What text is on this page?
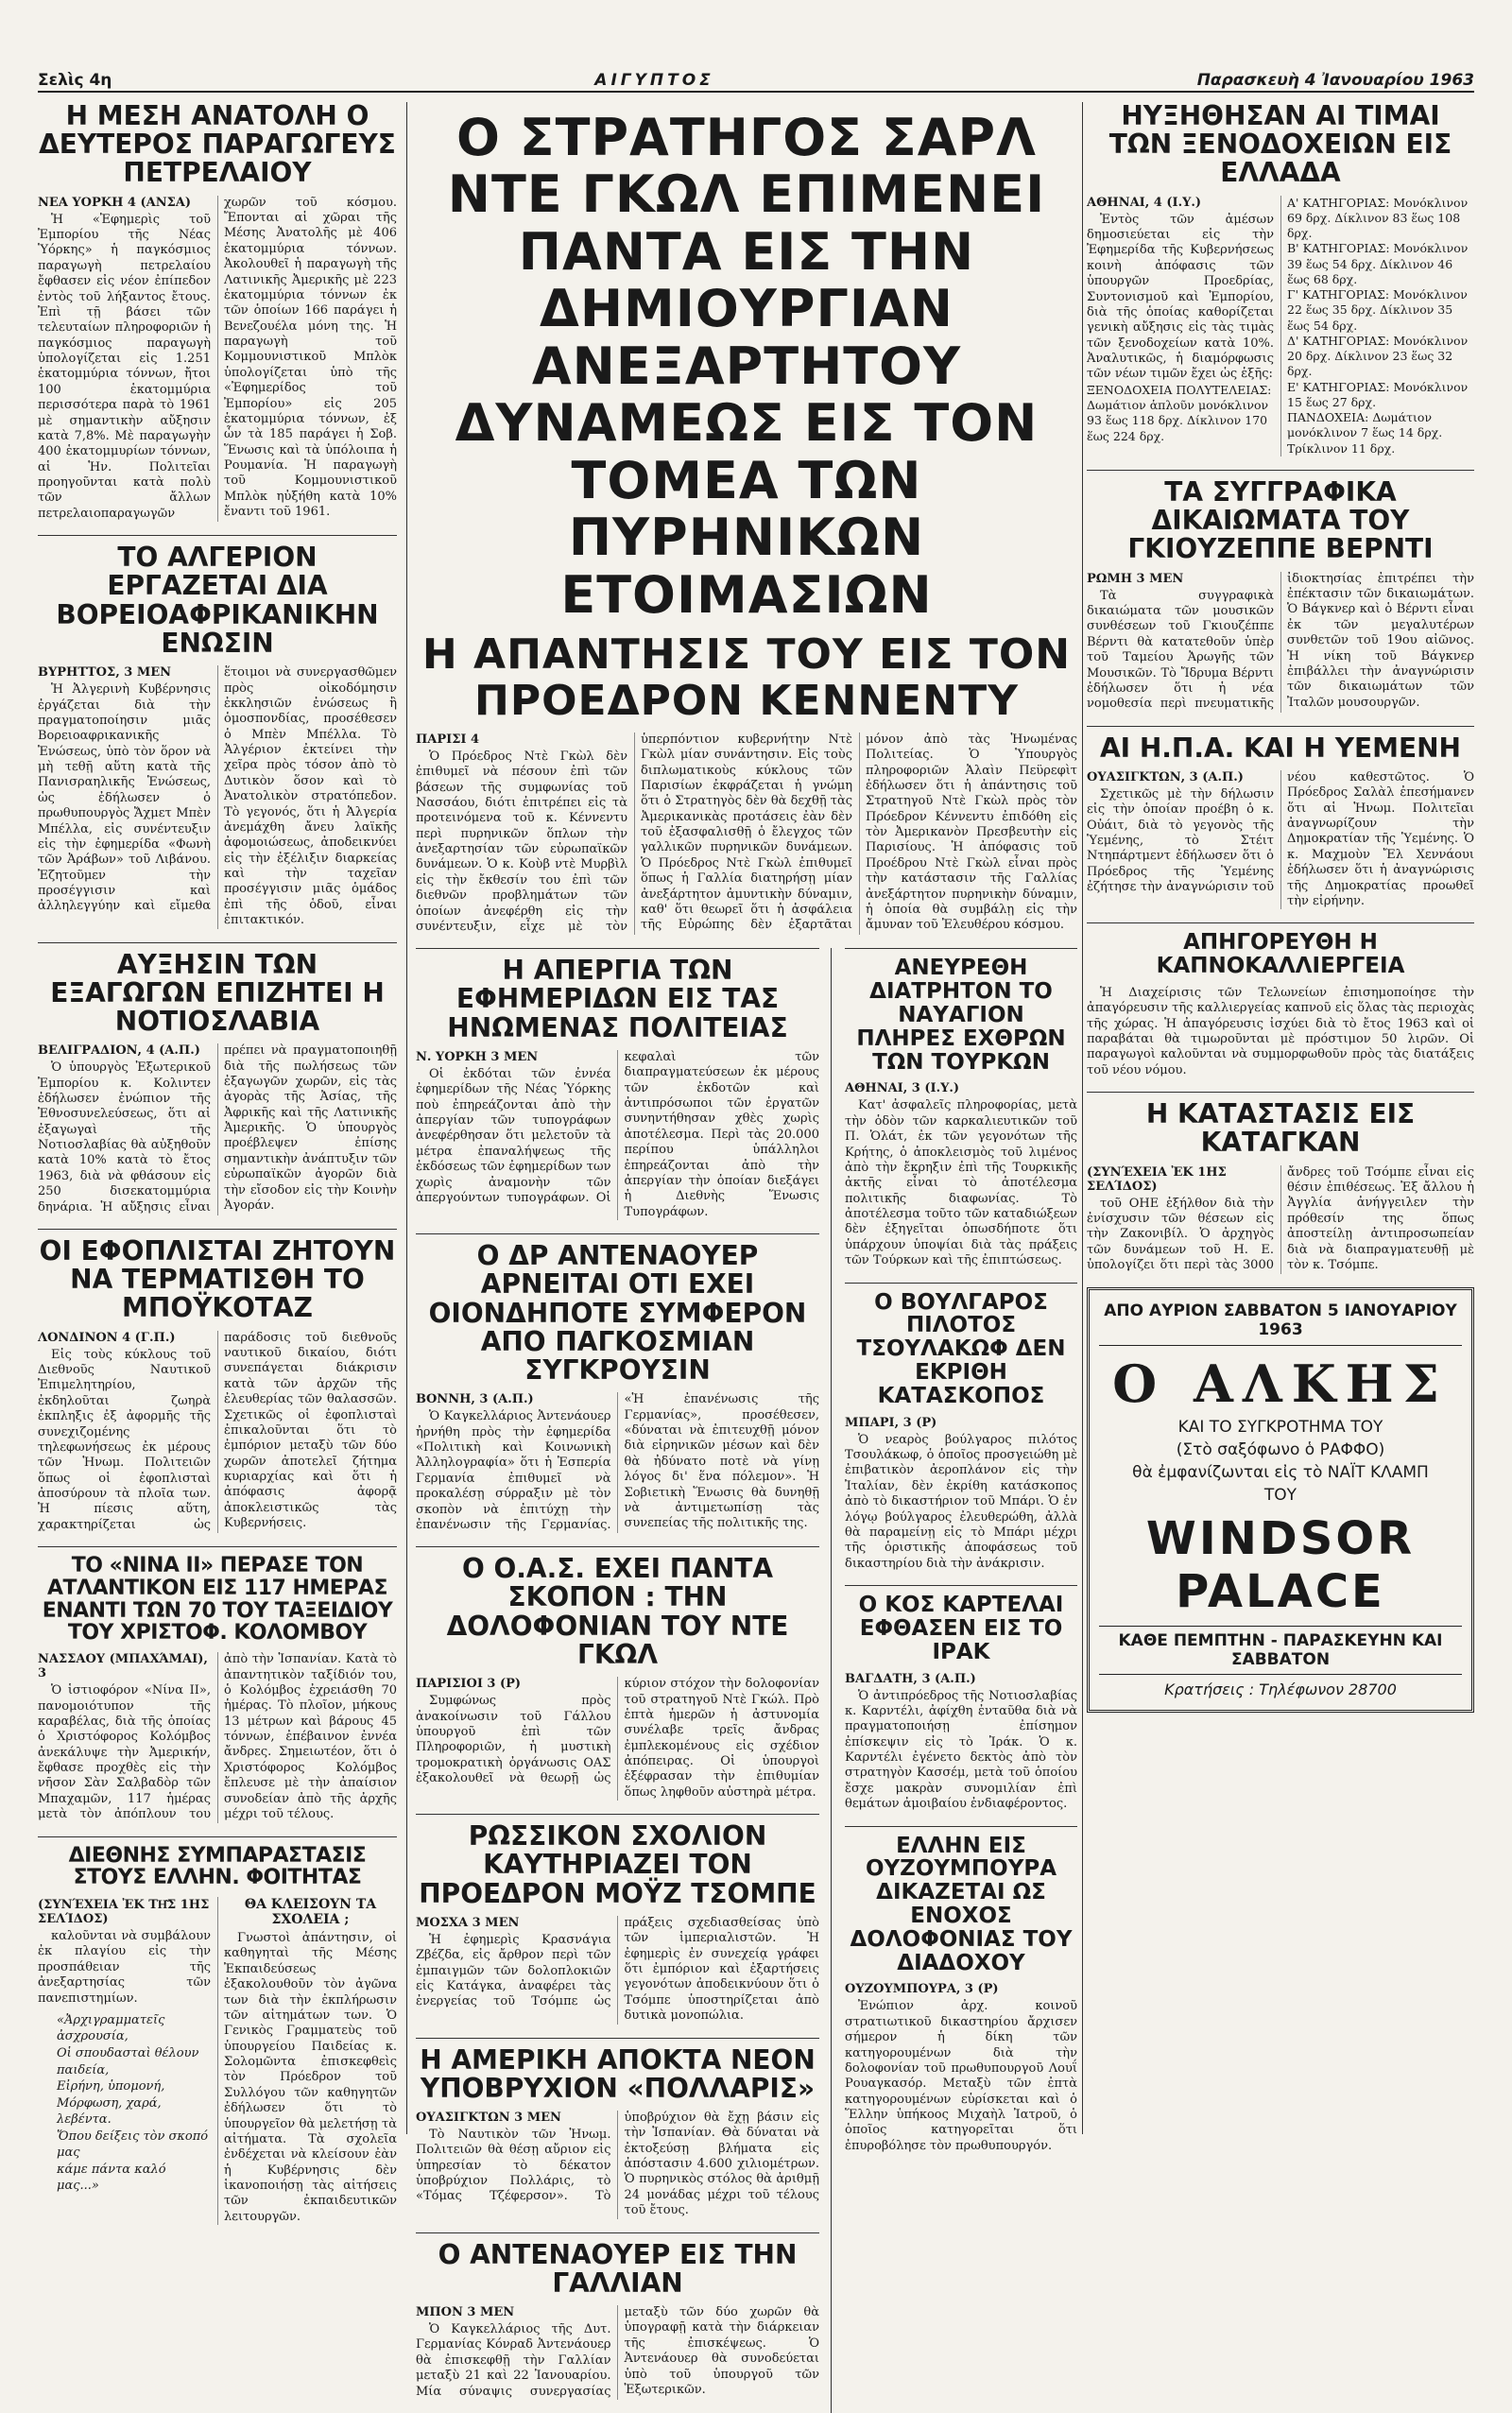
Σελὶς 4η	ΑΙΓΥΠΤΟΣ	Παρασκευὴ 4 Ἰανουαρίου 1963
Η ΜΕΣΗ ΑΝΑΤΟΛΗ Ο ΔΕΥΤΕΡΟΣ ΠΑΡΑΓΩΓΕΥΣ ΠΕΤΡΕΛΑΙΟΥ
ΝΕΑ ΥΟΡΚΗ 4 (ΑΝΣΑ)

Ἡ «Ἐφημερὶς τοῦ Ἐμπορίου τῆς Νέας Ὑόρκης» ἡ παγκόσμιος παραγωγὴ πετρελαίου ἔφθασεν εἰς νέον ἐπίπεδον ἐντὸς τοῦ λήξαντος ἔτους. Ἐπὶ τῇ βάσει τῶν τελευταίων πληροφοριῶν ἡ παγκόσμιος παραγωγὴ ὑπολογίζεται εἰς 1.251 ἑκατομμύρια τόννων, ἤτοι 100 ἑκατομμύρια περισσότερα παρὰ τὸ 1961 μὲ σημαντικὴν αὔξησιν κατὰ 7,8%. Μὲ παραγωγὴν 400 ἑκατομμυρίων τόννων, αἱ Ἡν. Πολιτεῖαι προηγοῦνται κατὰ πολὺ τῶν ἄλλων πετρελαιοπαραγωγῶν χωρῶν τοῦ κόσμου. Ἔπονται αἱ χῶραι τῆς Μέσης Ἀνατολῆς μὲ 406 ἑκατομμύρια τόννων. Ἀκολουθεῖ ἡ παραγωγὴ τῆς Λατινικῆς Ἀμερικῆς μὲ 223 ἑκατομμύρια τόννων ἐκ τῶν ὁποίων 166 παράγει ἡ Βενεζουέλα μόνη της. Ἡ παραγωγὴ τοῦ Κομμουνιστικοῦ Μπλὸκ ὑπολογίζεται ὑπὸ τῆς «Ἐφημερίδος τοῦ Ἐμπορίου» εἰς 205 ἑκατομμύρια τόννων, ἐξ ὧν τὰ 185 παράγει ἡ Σοβ. Ἕνωσις καὶ τὰ ὑπόλοιπα ἡ Ρουμανία. Ἡ παραγωγὴ τοῦ Κομμουνιστικοῦ Μπλὸκ ηὐξήθη κατὰ 10% ἔναντι τοῦ 1961.

ΤΟ ΑΛΓΕΡΙΟΝ ΕΡΓΑΖΕΤΑΙ ΔΙΑ ΒΟΡΕΙΟΑΦΡΙΚΑΝΙΚΗΝ ΕΝΩΣΙΝ
ΒΥΡΗΤΤΟΣ, 3 ΜΕΝ

Ἡ Ἀλγερινὴ Κυβέρνησις ἐργάζεται διὰ τὴν πραγματοποίησιν μιᾶς Βορειοαφρικανικῆς Ἑνώσεως, ὑπὸ τὸν ὅρον νὰ μὴ τεθῇ αὕτη κατὰ τῆς Πανισραηλικῆς Ἑνώσεως, ὡς ἐδήλωσεν ὁ πρωθυπουργὸς Ἄχμετ Μπὲν Μπέλλα, εἰς συνέντευξιν εἰς τὴν ἐφημερίδα «Φωνὴ τῶν Ἀράβων» τοῦ Λιβάνου. Ἐζητοῦμεν τὴν προσέγγισιν καὶ ἀλληλεγγύην καὶ εἴμεθα ἕτοιμοι νὰ συνεργασθῶμεν πρὸς οἰκοδόμησιν ἐκκλησιῶν ἐνώσεως ἢ ὁμοσπονδίας, προσέθεσεν ὁ Μπὲν Μπέλλα. Τὸ Ἀλγέριον ἐκτείνει τὴν χεῖρα πρὸς τόσον ἀπὸ τὸ Δυτικὸν ὅσον καὶ τὸ Ἀνατολικὸν στρατόπεδον. Τὸ γεγονός, ὅτι ἡ Ἀλγερία ἀνεμάχθη ἄνευ λαϊκῆς ἀφομοιώσεως, ἀποδεικνύει εἰς τὴν ἐξέλιξιν διαρκείας καὶ τὴν ταχεῖαν προσέγγισιν μιᾶς ὁμάδος ἐπὶ τῆς ὁδοῦ, εἶναι ἐπιτακτικόν.

ΑΥΞΗΣΙΝ ΤΩΝ ΕΞΑΓΩΓΩΝ ΕΠΙΖΗΤΕΙ Η ΝΟΤΙΟΣΛΑΒΙΑ
ΒΕΛΙΓΡΑΔΙΟΝ, 4 (Α.Π.)

Ὁ ὑπουργὸς Ἐξωτερικοῦ Ἐμπορίου κ. Κολιντεν ἐδήλωσεν ἐνώπιον τῆς Ἐθνοσυνελεύσεως, ὅτι αἱ ἐξαγωγαὶ τῆς Νοτιοσλαβίας θὰ αὐξηθοῦν κατὰ 10% κατὰ τὸ ἔτος 1963, διὰ νὰ φθάσουν εἰς 250 δισεκατομμύρια δηνάρια. Ἡ αὔξησις εἶναι πρέπει νὰ πραγματοποιηθῇ διὰ τῆς πωλήσεως τῶν ἐξαγωγῶν χωρῶν, εἰς τὰς ἀγορὰς τῆς Ἀσίας, τῆς Ἀφρικῆς καὶ τῆς Λατινικῆς Ἀμερικῆς. Ὁ ὑπουργὸς προέβλεψεν ἐπίσης σημαντικὴν ἀνάπτυξιν τῶν εὐρωπαϊκῶν ἀγορῶν διὰ τὴν εἴσοδον εἰς τὴν Κοινὴν Ἀγοράν.

ΟΙ ΕΦΟΠΛΙΣΤΑΙ ΖΗΤΟΥΝ ΝΑ ΤΕΡΜΑΤΙΣΘΗ ΤΟ ΜΠΟΫΚΟΤΑΖ
ΛΟΝΔΙΝΟΝ 4 (Γ.Π.)

Εἰς τοὺς κύκλους τοῦ Διεθνοῦς Ναυτικοῦ Ἐπιμελητηρίου, ἐκδηλοῦται ζωηρὰ ἐκπληξις ἐξ ἀφορμῆς τῆς συνεχιζομένης τηλεφωνήσεως ἐκ μέρους τῶν Ἡνωμ. Πολιτειῶν ὅπως οἱ ἐφοπλισταὶ ἀποσύρουν τὰ πλοῖα των. Ἡ πίεσις αὕτη, χαρακτηρίζεται ὡς παράδοσις τοῦ διεθνοῦς ναυτικοῦ δικαίου, διότι συνεπάγεται διάκρισιν κατὰ τῶν ἀρχῶν τῆς ἐλευθερίας τῶν θαλασσῶν. Σχετικῶς οἱ ἐφοπλισταὶ ἐπικαλοῦνται ὅτι τὸ ἐμπόριον μεταξὺ τῶν δύο χωρῶν ἀποτελεῖ ζήτημα κυριαρχίας καὶ ὅτι ἡ ἀπόφασις ἀφορᾷ ἀποκλειστικῶς τὰς Κυβερνήσεις.

ΤΟ «ΝΙΝΑ ΙΙ» ΠΕΡΑΣΕ ΤΟΝ ΑΤΛΑΝΤΙΚΟΝ ΕΙΣ 117 ΗΜΕΡΑΣ ΕΝΑΝΤΙ ΤΩΝ 70 ΤΟΥ ΤΑΞΕΙΔΙΟΥ ΤΟΥ ΧΡΙΣΤΟΦ. ΚΟΛΟΜΒΟΥ
ΝΑΣΣΑΟΥ (ΜΠΑΧΆΜΑΙ), 3

Ὁ ἱστιοφόρον «Νίνα ΙΙ», πανομοιότυπον τῆς καραβέλας, διὰ τῆς ὁποίας ὁ Χριστόφορος Κολόμβος ἀνεκάλυψε τὴν Ἀμερικήν, ἔφθασε προχθὲς εἰς τὴν νῆσον Σὰν Σαλβαδὸρ τῶν Μπαχαμῶν, 117 ἡμέρας μετὰ τὸν ἀπόπλουν του ἀπὸ τὴν Ἱσπανίαν. Κατὰ τὸ ἀπαντητικὸν ταξίδιόν του, ὁ Κολόμβος ἐχρειάσθη 70 ἡμέρας. Τὸ πλοῖον, μήκους 13 μέτρων καὶ βάρους 45 τόννων, ἐπέβαινον ἐννέα ἄνδρες. Σημειωτέον, ὅτι ὁ Χριστόφορος Κολόμβος ἔπλευσε μὲ τὴν ἀπαίσιον συνοδείαν ἀπὸ τῆς ἀρχῆς μέχρι τοῦ τέλους.

ΔΙΕΘΝΗΣ ΣΥΜΠΑΡΑΣΤΑΣΙΣ ΣΤΟΥΣ ΕΛΛΗΝ. ΦΟΙΤΗΤΑΣ
(ΣΥΝΈΧΕΙΑ ἘΚ ΤΗ͂Σ 1ΗΣ ΣΕΛΊΔΟΣ)

καλοῦνται νὰ συμβάλουν ἐκ πλαγίου εἰς τὴν προσπάθειαν τῆς ἀνεξαρτησίας τῶν πανεπιστημίων.

«Ἀρχιγραμματεῖς ἀσχρουσία,
Οἱ σπουδασταὶ θέλουν παιδεία,
Εἰρήνη, ὑπομονή,
Μόρφωση, χαρά, λεβέντα.
Ὅπου δείξεις τὸν σκοπό μας
κάμε πάντα καλό μας...»
ΘΑ ΚΛΕΙΣΟΥΝ ΤΑ ΣΧΟΛΕΙΑ ;

Γνωστοὶ ἀπάντησιν, οἱ καθηγηταὶ τῆς Μέσης Ἐκπαιδεύσεως ἐξακολουθοῦν τὸν ἀγῶνα των διὰ τὴν ἐκπλήρωσιν τῶν αἰτημάτων των. Ὁ Γενικὸς Γραμματεὺς τοῦ ὑπουργείου Παιδείας κ. Σολομῶντα ἐπισκεφθεὶς τὸν Πρόεδρον τοῦ Συλλόγου τῶν καθηγητῶν ἐδήλωσεν ὅτι τὸ ὑπουργεῖον θὰ μελετήσῃ τὰ αἰτήματα. Τὰ σχολεῖα ἐνδέχεται νὰ κλείσουν ἐὰν ἡ Κυβέρνησις δὲν ἱκανοποιήσῃ τὰς αἰτήσεις τῶν ἐκπαιδευτικῶν λειτουργῶν.

Ο ΣΤΡΑΤΗΓΟΣ ΣΑΡΛ ΝΤΕ ΓΚΩΛ ΕΠΙΜΕΝΕΙ ΠΑΝΤΑ ΕΙΣ ΤΗΝ ΔΗΜΙΟΥΡΓΙΑΝ ΑΝΕΞΑΡΤΗΤΟΥ ΔΥΝΑΜΕΩΣ ΕΙΣ ΤΟΝ ΤΟΜΕΑ ΤΩΝ ΠΥΡΗΝΙΚΩΝ ΕΤΟΙΜΑΣΙΩΝ
Η ΑΠΑΝΤΗΣΙΣ ΤΟΥ ΕΙΣ ΤΟΝ ΠΡΟΕΔΡΟΝ ΚΕΝΝΕΝΤΥ
ΠΑΡΙΣΙ 4

Ὁ Πρόεδρος Ντὲ Γκὼλ δὲν ἐπιθυμεῖ νὰ πέσουν ἐπὶ τῶν βάσεων τῆς συμφωνίας τοῦ Νασσάου, διότι ἐπιτρέπει εἰς τὰ προτεινόμενα τοῦ κ. Κέννεντυ περὶ πυρηνικῶν ὅπλων τὴν ἀνεξαρτησίαν τῶν εὐρωπαϊκῶν δυνάμεων. Ὁ κ. Κοὺβ ντὲ Μυρβὶλ εἰς τὴν ἔκθεσίν του ἐπὶ τῶν διεθνῶν προβλημάτων τῶν ὁποίων ἀνεφέρθη εἰς τὴν συνέντευξιν, εἶχε μὲ τὸν ὑπερπόντιον κυβερνήτην Ντὲ Γκὼλ μίαν συνάντησιν. Εἰς τοὺς διπλωματικοὺς κύκλους τῶν Παρισίων ἐκφράζεται ἡ γνώμη ὅτι ὁ Στρατηγὸς δὲν θὰ δεχθῇ τὰς Ἀμερικανικὰς προτάσεις ἐὰν δὲν τοῦ ἐξασφαλισθῇ ὁ ἔλεγχος τῶν γαλλικῶν πυρηνικῶν δυνάμεων. Ὁ Πρόεδρος Ντὲ Γκὼλ ἐπιθυμεῖ ὅπως ἡ Γαλλία διατηρήσῃ μίαν ἀνεξάρτητον ἀμυντικὴν δύναμιν, καθ' ὅτι θεωρεῖ ὅτι ἡ ἀσφάλεια τῆς Εὐρώπης δὲν ἐξαρτᾶται μόνον ἀπὸ τὰς Ἡνωμένας Πολιτείας. Ὁ Ὑπουργὸς πληροφοριῶν Ἀλαὶν Πεϋρεφὶτ ἐδήλωσεν ὅτι ἡ ἀπάντησις τοῦ Στρατηγοῦ Ντὲ Γκὼλ πρὸς τὸν Πρόεδρον Κέννεντυ ἐπιδόθη εἰς τὸν Ἀμερικανὸν Πρεσβευτὴν εἰς Παρισίους. Ἡ ἀπόφασις τοῦ Προέδρου Ντὲ Γκὼλ εἶναι πρὸς τὴν κατάστασιν τῆς Γαλλίας ἀνεξάρτητον πυρηνικὴν δύναμιν, ἡ ὁποία θὰ συμβάλῃ εἰς τὴν ἄμυναν τοῦ Ἐλευθέρου κόσμου.

Η ΑΠΕΡΓΙΑ ΤΩΝ ΕΦΗΜΕΡΙΔΩΝ ΕΙΣ ΤΑΣ ΗΝΩΜΕΝΑΣ ΠΟΛΙΤΕΙΑΣ
Ν. ΥΟΡΚΗ 3 ΜΕΝ

Οἱ ἐκδόται τῶν ἐννέα ἐφημερίδων τῆς Νέας Ὑόρκης ποὺ ἐπηρεάζονται ἀπὸ τὴν ἀπεργίαν τῶν τυπογράφων ἀνεφέρθησαν ὅτι μελετοῦν τὰ μέτρα ἐπαναλήψεως τῆς ἐκδόσεως τῶν ἐφημερίδων των χωρὶς ἀναμονὴν τῶν ἀπεργούντων τυπογράφων. Οἱ κεφαλαὶ τῶν διαπραγματεύσεων ἐκ μέρους τῶν ἐκδοτῶν καὶ ἀντιπρόσωποι τῶν ἐργατῶν συνηντήθησαν χθὲς χωρὶς ἀποτέλεσμα. Περὶ τὰς 20.000 περίπου ὑπάλληλοι ἐπηρεάζονται ἀπὸ τὴν ἀπεργίαν τὴν ὁποίαν διεξάγει ἡ Διεθνὴς Ἕνωσις Τυπογράφων.

Ο ΔΡ ΑΝΤΕΝΑΟΥΕΡ ΑΡΝΕΙΤΑΙ ΟΤΙ ΕΧΕΙ ΟΙΟΝΔΗΠΟΤΕ ΣΥΜΦΕΡΟΝ ΑΠΟ ΠΑΓΚΟΣΜΙΑΝ ΣΥΓΚΡΟΥΣΙΝ
ΒΟΝΝΗ, 3 (Α.Π.)

Ὁ Καγκελλάριος Ἀντενάουερ ἠρνήθη πρὸς τὴν ἐφημερίδα «Πολιτικὴ καὶ Κοινωνικὴ Ἀλληλογραφία» ὅτι ἡ Ἑσπερία Γερμανία ἐπιθυμεῖ νὰ προκαλέσῃ σύρραξιν μὲ τὸν σκοπὸν νὰ ἐπιτύχῃ τὴν ἐπανένωσιν τῆς Γερμανίας. «Ἡ ἐπανένωσις τῆς Γερμανίας», προσέθεσεν, «δύναται νὰ ἐπιτευχθῇ μόνον διὰ εἰρηνικῶν μέσων καὶ δὲν θὰ ἠδύνατο ποτὲ νὰ γίνῃ λόγος δι' ἕνα πόλεμον». Ἡ Σοβιετικὴ Ἕνωσις θὰ δυνηθῇ νὰ ἀντιμετωπίσῃ τὰς συνεπείας τῆς πολιτικῆς της.

Ο Ο.Α.Σ. ΕΧΕΙ ΠΑΝΤΑ ΣΚΟΠΟΝ : ΤΗΝ ΔΟΛΟΦΟΝΙΑΝ ΤΟΥ ΝΤΕ ΓΚΩΛ
ΠΑΡΙΣΙΟΙ 3 (Ρ)

Συμφώνως πρὸς ἀνακοίνωσιν τοῦ Γάλλου ὑπουργοῦ ἐπὶ τῶν Πληροφοριῶν, ἡ μυστικὴ τρομοκρατικὴ ὀργάνωσις ΟΑΣ ἐξακολουθεῖ νὰ θεωρῇ ὡς κύριον στόχον τὴν δολοφονίαν τοῦ στρατηγοῦ Ντὲ Γκώλ. Πρὸ ἑπτὰ ἡμερῶν ἡ ἀστυνομία συνέλαβε τρεῖς ἄνδρας ἐμπλεκομένους εἰς σχέδιον ἀπόπειρας. Οἱ ὑπουργοὶ ἐξέφρασαν τὴν ἐπιθυμίαν ὅπως ληφθοῦν αὐστηρὰ μέτρα.

ΡΩΣΣΙΚΟΝ ΣΧΟΛΙΟΝ ΚΑΥΤΗΡΙΑΖΕΙ ΤΟΝ ΠΡΟΕΔΡΟΝ ΜΟΫΖ ΤΣΟΜΠΕ
ΜΟΣΧΑ 3 ΜΕΝ

Ἡ ἐφημερὶς Κρασνάγια Ζβέζδα, εἰς ἄρθρον περὶ τῶν ἐμπαιγμῶν τῶν δολοπλοκιῶν εἰς Κατάγκα, ἀναφέρει τὰς ἐνεργείας τοῦ Τσόμπε ὡς πράξεις σχεδιασθείσας ὑπὸ τῶν ἱμπεριαλιστῶν. Ἡ ἐφημερὶς ἐν συνεχείᾳ γράφει ὅτι ἐμπόριον καὶ ἐξαρτήσεις γεγονότων ἀποδεικνύουν ὅτι ὁ Τσόμπε ὑποστηρίζεται ἀπὸ δυτικὰ μονοπώλια.

Η ΑΜΕΡΙΚΗ ΑΠΟΚΤΑ ΝΕΟΝ ΥΠΟΒΡΥΧΙΟΝ «ΠΟΛΛΑΡΙΣ»
ΟΥΑΣΙΓΚΤΩΝ 3 ΜΕΝ

Τὸ Ναυτικὸν τῶν Ἡνωμ. Πολιτειῶν θὰ θέσῃ αὔριον εἰς ὑπηρεσίαν τὸ δέκατον ὑποβρύχιον Πολλάρις, τὸ «Τόμας Τζέφερσον». Τὸ ὑποβρύχιον θὰ ἔχῃ βάσιν εἰς τὴν Ἱσπανίαν. Θὰ δύναται νὰ ἐκτοξεύσῃ βλήματα εἰς ἀπόστασιν 4.600 χιλιομέτρων. Ὁ πυρηνικὸς στόλος θὰ ἀριθμῇ 24 μονάδας μέχρι τοῦ τέλους τοῦ ἔτους.

Ο ΑΝΤΕΝΑΟΥΕΡ ΕΙΣ ΤΗΝ ΓΑΛΛΙΑΝ
ΜΠΟΝ 3 ΜΕΝ

Ὁ Καγκελλάριος τῆς Δυτ. Γερμανίας Κόνραδ Ἀντενάουερ θὰ ἐπισκεφθῇ τὴν Γαλλίαν μεταξὺ 21 καὶ 22 Ἰανουαρίου. Μία σύναψις συνεργασίας μεταξὺ τῶν δύο χωρῶν θὰ ὑπογραφῇ κατὰ τὴν διάρκειαν τῆς ἐπισκέψεως. Ὁ Ἀντενάουερ θὰ συνοδεύεται ὑπὸ τοῦ ὑπουργοῦ τῶν Ἐξωτερικῶν.

ΑΝΕΥΡΕΘΗ ΔΙΑΤΡΗΤΟΝ ΤΟ ΝΑΥΑΓΙΟΝ ΠΛΗΡΕΣ ΕΧΘΡΩΝ ΤΩΝ ΤΟΥΡΚΩΝ
ΑΘΗΝΑΙ, 3 (Ι.Υ.)

Κατ' ἀσφαλεῖς πληροφορίας, μετὰ τὴν ὁδὸν τῶν καρκαλιευτικῶν τοῦ Π. Ὁλάτ, ἐκ τῶν γεγονότων τῆς Κρήτης, ὁ ἀποκλεισμὸς τοῦ λιμένος ἀπὸ τὴν ἔκρηξιν ἐπὶ τῆς Τουρκικῆς ἀκτῆς εἶναι τὸ ἀποτέλεσμα πολιτικῆς διαφωνίας. Τὸ ἀποτέλεσμα τοῦτο τῶν καταδιώξεων δὲν ἐξηγεῖται ὁπωσδήποτε ὅτι ὑπάρχουν ὑποψίαι διὰ τὰς πράξεις τῶν Τούρκων καὶ τῆς ἐπιπτώσεως.

Ο ΒΟΥΛΓΑΡΟΣ ΠΙΛΟΤΟΣ ΤΣΟΥΛΑΚΩΦ ΔΕΝ ΕΚΡΙΘΗ ΚΑΤΑΣΚΟΠΟΣ
ΜΠΑΡΙ, 3 (Ρ)

Ὁ νεαρὸς βούλγαρος πιλότος Τσουλάκωφ, ὁ ὁποῖος προσγειώθη μὲ ἐπιβατικὸν ἀεροπλάνον εἰς τὴν Ἰταλίαν, δὲν ἐκρίθη κατάσκοπος ἀπὸ τὸ δικαστήριον τοῦ Μπάρι. Ὁ ἐν λόγῳ βούλγαρος ἐλευθερώθη, ἀλλὰ θὰ παραμείνῃ εἰς τὸ Μπάρι μέχρι τῆς ὁριστικῆς ἀποφάσεως τοῦ δικαστηρίου διὰ τὴν ἀνάκρισιν.

Ο ΚΟΣ ΚΑΡΤΕΛΑΙ ΕΦΘΑΣΕΝ ΕΙΣ ΤΟ ΙΡΑΚ
ΒΑΓΔΑΤΗ, 3 (Α.Π.)

Ὁ ἀντιπρόεδρος τῆς Νοτιοσλαβίας κ. Καρντέλι, ἀφίχθη ἐνταῦθα διὰ νὰ πραγματοποιήσῃ ἐπίσημον ἐπίσκεψιν εἰς τὸ Ἰράκ. Ὁ κ. Καρντέλι ἐγένετο δεκτὸς ἀπὸ τὸν στρατηγὸν Κασσέμ, μετὰ τοῦ ὁποίου ἔσχε μακρὰν συνομιλίαν ἐπὶ θεμάτων ἀμοιβαίου ἐνδιαφέροντος.

ΕΛΛΗΝ ΕΙΣ ΟΥΖΟΥΜΠΟΥΡΑ ΔΙΚΑΖΕΤΑΙ ΩΣ ΕΝΟΧΟΣ ΔΟΛΟΦΟΝΙΑΣ ΤΟΥ ΔΙΑΔΟΧΟΥ
ΟΥΖΟΥΜΠΟΥΡΑ, 3 (Ρ)

Ἐνώπιον ἀρχ. κοινοῦ στρατιωτικοῦ δικαστηρίου ἄρχισεν σήμερον ἡ δίκη τῶν κατηγορουμένων διὰ τὴν δολοφονίαν τοῦ πρωθυπουργοῦ Λουΐ Ρουαγκασόρ. Μεταξὺ τῶν ἐπτὰ κατηγορουμένων εὑρίσκεται καὶ ὁ Ἕλλην ὑπήκοος Μιχαὴλ Ἰατροῦ, ὁ ὁποῖος κατηγορεῖται ὅτι ἐπυροβόλησε τὸν πρωθυπουργόν.

ΗΥΞΗΘΗΣΑΝ ΑΙ ΤΙΜΑΙ ΤΩΝ ΞΕΝΟΔΟΧΕΙΩΝ ΕΙΣ ΕΛΛΑΔΑ
ΑΘΗΝΑΙ, 4 (Ι.Υ.)

Ἐντὸς τῶν ἀμέσων δημοσιεύεται εἰς τὴν Ἐφημερίδα τῆς Κυβερνήσεως κοινὴ ἀπόφασις τῶν ὑπουργῶν Προεδρίας, Συντονισμοῦ καὶ Ἐμπορίου, διὰ τῆς ὁποίας καθορίζεται γενικὴ αὔξησις εἰς τὰς τιμὰς τῶν ξενοδοχείων κατὰ 10%. Ἀναλυτικῶς, ἡ διαμόρφωσις τῶν νέων τιμῶν ἔχει ὡς ἑξῆς:

ΞΕΝΟΔΟΧΕΙΑ ΠΟΛΥΤΕΛΕΙΑΣ: Δωμάτιον ἁπλοῦν μονόκλινον 93 ἕως 118 δρχ. Δίκλινον 170 ἕως 224 δρχ.

Α' ΚΑΤΗΓΟΡΙΑΣ: Μονόκλινον 69 δρχ. Δίκλινον 83 ἕως 108 δρχ.

Β' ΚΑΤΗΓΟΡΙΑΣ: Μονόκλινον 39 ἕως 54 δρχ. Δίκλινον 46 ἕως 68 δρχ.

Γ' ΚΑΤΗΓΟΡΙΑΣ: Μονόκλινον 22 ἕως 35 δρχ. Δίκλινον 35 ἕως 54 δρχ.

Δ' ΚΑΤΗΓΟΡΙΑΣ: Μονόκλινον 20 δρχ. Δίκλινον 23 ἕως 32 δρχ.

Ε' ΚΑΤΗΓΟΡΙΑΣ: Μονόκλινον 15 ἕως 27 δρχ.

ΠΑΝΔΟΧΕΙΑ: Δωμάτιον μονόκλινον 7 ἕως 14 δρχ. Τρίκλινον 11 δρχ.

ΤΑ ΣΥΓΓΡΑΦΙΚΑ ΔΙΚΑΙΩΜΑΤΑ ΤΟΥ ΓΚΙΟΥΖΕΠΠΕ ΒΕΡΝΤΙ
ΡΩΜΗ 3 ΜΕΝ

Τὰ συγγραφικὰ δικαιώματα τῶν μουσικῶν συνθέσεων τοῦ Γκιουζέππε Βέρντι θὰ κατατεθοῦν ὑπὲρ τοῦ Ταμείου Ἀρωγῆς τῶν Μουσικῶν. Τὸ Ἴδρυμα Βέρντι ἐδήλωσεν ὅτι ἡ νέα νομοθεσία περὶ πνευματικῆς ἰδιοκτησίας ἐπιτρέπει τὴν ἐπέκτασιν τῶν δικαιωμάτων. Ὁ Βάγκνερ καὶ ὁ Βέρντι εἶναι ἐκ τῶν μεγαλυτέρων συνθετῶν τοῦ 19ου αἰῶνος. Ἡ νίκη τοῦ Βάγκνερ ἐπιβάλλει τὴν ἀναγνώρισιν τῶν δικαιωμάτων τῶν Ἰταλῶν μουσουργῶν.

ΑΙ Η.Π.Α. ΚΑΙ Η ΥΕΜΕΝΗ
ΟΥΑΣΙΓΚΤΩΝ, 3 (Α.Π.)

Σχετικῶς μὲ τὴν δήλωσιν εἰς τὴν ὁποίαν προέβη ὁ κ. Οὐάιτ, διὰ τὸ γεγονὸς τῆς Ὑεμένης, τὸ Στέιτ Ντηπάρτμεντ ἐδήλωσεν ὅτι ὁ Πρόεδρος τῆς Ὑεμένης ἐζήτησε τὴν ἀναγνώρισιν τοῦ νέου καθεστῶτος. Ὁ Πρόεδρος Σαλὰλ ἐπεσήμανεν ὅτι αἱ Ἡνωμ. Πολιτεῖαι ἀναγνωρίζουν τὴν Δημοκρατίαν τῆς Ὑεμένης. Ὁ κ. Μαχμοὺν Ἔλ Χεννάουι ἐδήλωσεν ὅτι ἡ ἀναγνώρισις τῆς Δημοκρατίας προωθεῖ τὴν εἰρήνην.

ΑΠΗΓΟΡΕΥΘΗ Η ΚΑΠΝΟΚΑΛΛΙΕΡΓΕΙΑ

Ἡ Διαχείρισις τῶν Τελωνείων ἐπισημοποίησε τὴν ἀπαγόρευσιν τῆς καλλιεργείας καπνοῦ εἰς ὅλας τὰς περιοχὰς τῆς χώρας. Ἡ ἀπαγόρευσις ἰσχύει διὰ τὸ ἔτος 1963 καὶ οἱ παραβάται θὰ τιμωροῦνται μὲ πρόστιμον 50 λιρῶν. Οἱ παραγωγοὶ καλοῦνται νὰ συμμορφωθοῦν πρὸς τὰς διατάξεις τοῦ νέου νόμου.

Η ΚΑΤΑΣΤΑΣΙΣ ΕΙΣ ΚΑΤΑΓΚΑΝ
(ΣΥΝΈΧΕΙΑ ἘΚ 1ΗΣ ΣΕΛΊΔΟΣ)

τοῦ ΟΗΕ ἐξήλθον διὰ τὴν ἐνίσχυσιν τῶν θέσεων εἰς τὴν Ζακονιβίλ. Ὁ ἀρχηγὸς τῶν δυνάμεων τοῦ Η. Ε. ὑπολογίζει ὅτι περὶ τὰς 3000 ἄνδρες τοῦ Τσόμπε εἶναι εἰς θέσιν ἐπιθέσεως. Ἐξ ἄλλου ἡ Ἀγγλία ἀνήγγειλεν τὴν πρόθεσίν της ὅπως ἀποστείλῃ ἀντιπροσωπείαν διὰ νὰ διαπραγματευθῇ μὲ τὸν κ. Τσόμπε.

ΑΠΟ ΑΥΡΙΟΝ ΣΑΒΒΑΤΟΝ 5 ΙΑΝΟΥΑΡΙΟΥ 1963
Ο ΑΛΚΗΣ
ΚΑΙ ΤΟ ΣΥΓΚΡΟΤΗΜΑ ΤΟΥ
(Στὸ σαξόφωνο ὁ ΡΑΦΦΟ)
θὰ ἐμφανίζωνται εἰς τὸ ΝΑΪΤ ΚΛΑΜΠ
ΤΟΥ
WINDSOR PALACE
ΚΑΘΕ ΠΕΜΠΤΗΝ - ΠΑΡΑΣΚΕΥΗΝ ΚΑΙ ΣΑΒΒΑΤΟΝ
Κρατήσεις : Τηλέφωνον 28700
